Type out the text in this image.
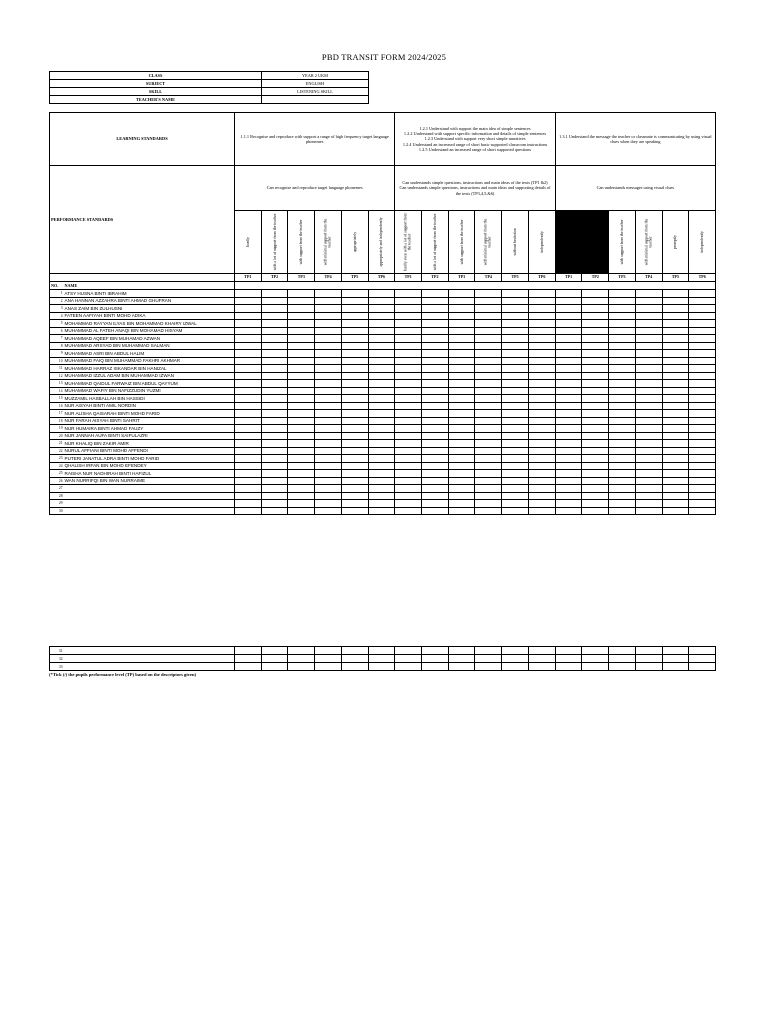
PBD TRANSIT FORM 2024/2025
CLASS	YEAR 2 UKM
SUBJECT	ENGLISH
SKILL	LISTENING SKILL
TEACHER'S NAME	
LEARNING STANDARDS		1.1.1 Recognise and reproduce with support a range of high frequency target language phonemes						1.2.1 Understand with support the main idea of simple sentences
1.2.2 Understand with support specific information and details of simple sentences
1.2.3 Understand with support very short simple narratives
1.2.4 Understand an increased range of short basic supported classroom instructions
1.2.5 Understand an increased range of short supported questions						1.3.1 Understand the message the teacher or classmate is communicating by using visual clues when they are speaking					
PERFORMANCE STANDARDS		Can recognise and reproduce target language phonemes						Can understands simple questions, instructions and main ideas of the texts (TP1 &2)
Can understands simple questions, instructions and main ideas and supporting details of the texts (TP3,4,5,&6)						Can understands messages using visual clues					

		hardly	with a lot of support from the teacher	with support from the teacher	with minimal support from the teacher	appropriately	appropriately and independently	hardly even with a lot of support from the teacher	with a lot of support from the teacher	with support from the teacher	with minimal support from the teacher	without hesitation	independently			with support from the teacher	with minimal support from the teacher	promptly	independently

		TP1	TP2	TP3	TP4	TP5	TP6	TP1	TP2	TP3	TP4	TP5	TP6	TP1	TP2	TP3	TP4	TP5	TP6
NO.	NAME																		
1	ATSY HUSNA BINTI IBRAHIM																		
2	ANA HANNAN AZZAHRA BINTI AHMAD GHUFRAN																		
3	ANAS ZAIM BIN ZULHUSNI																		
4	FATEEN AAFIYAH BINTI MOHD ADIKA																		
5	MOHAMMAD RAYYAN ILYAS BIN MOHAMMAD KHAIRY IZWAL																		
6	MUHAMMAD AL FATEH ANAQI BIN MOHAMAD HISYAM																		
7	MUHAMMAD AQEEF BIN MUHAMAD AZWAN																		
8	MUHAMMAD ARSYAD BIN MUHAMMAD SALMAN																		
9	MUHAMMAD ASRI BIN ABDUL HALIM																		
10	MUHAMMAD FAIQ BIN MUHAMMAD FAKHRI AKHMAR																		
11	MUHAMMAD HARRAZ ISKANDAR BIN HANIZAL																		
12	MUHAMMAD IZZUL ADAM BIN MUHAMMAD IZWAN																		
13	MUHAMMAD QAIDUL FARWAIZ BIN ABDUL QAYYUM																		
14	MUHAMMAD WAFIY BIN NAFIZZUDIN YUZMI																		
15	MUZZAMIL HASBALLAH BIN HASSIDI																		
16	NUR AISYAH BINTI AMIL NORDIN																		
17	NUR ALISHA QAISARAH BINTI MOHD FARID																		
18	NUR FARAH AISYAH BINTI SAHRIT																		
19	NUR HUMAIRA BINTI AHMAD FAUZY																		
20	NUR JANNAH AUFA BINTI SAIFULAZRI																		
21	NUR KHALIQ BIN ZAKIR AMIR																		
22	NURUL AFFIANI BINTI MOHD AFFENDI																		
23	PUTERI JANATUL ADRA BINTI MOHD FARID																		
24	QHALISH IRFAN BIN MOHD EFENDEY																		
25	RAISHA NUR NADHIRAH BINTI HAFIZUL																		
26	WAN NURRIFQI BIN WAN NURRAIME																		
27																			
28																			
29																			
30																			
31																			
32																			
33																			
(*Tick (/) the pupils performance level (TP) based on the descriptors given)
